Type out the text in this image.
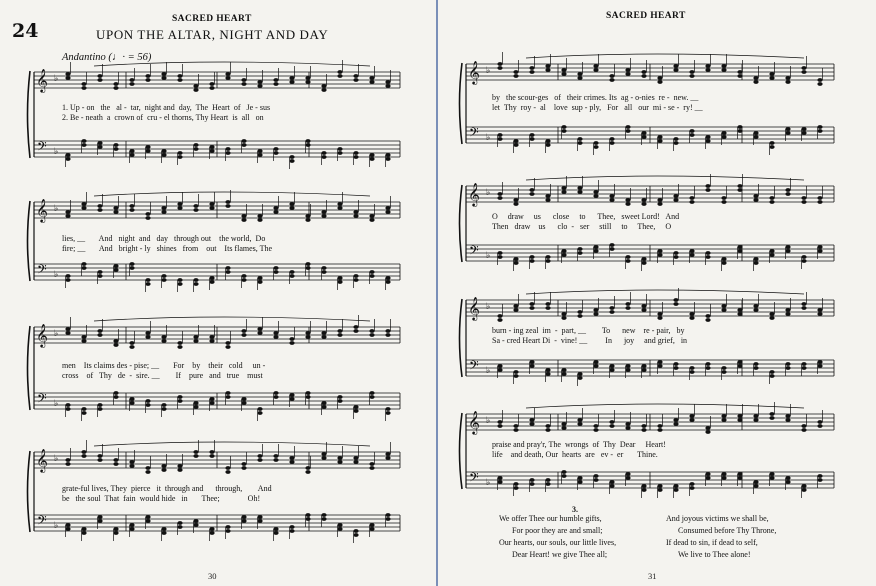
24
SACRED HEART
UPON THE ALTAR, NIGHT AND DAY
Andantino (♩· = 56)
𝄞
𝄢
♭
♭
𝄞
𝄢
♭
♭
𝄞
𝄢
♭
♭
𝄞
𝄢
♭
♭
1. Up - on   the   al -  tar,  night and  day,  The  Heart  of   Je - sus
2. Be - neath  a  crown of  cru - el thorns, Thy Heart  is  all   on
lies, __       And   night  and   day   through out    the world,  Do
fire; __       And   bright - ly   shines   from    out    Its flames, The
men    Its claims des - pise; __       For    by    their   cold     un -
cross    of   Thy   de  -  sire. __        If    pure   and   true    must
grate-ful lives, They  pierce   it  through and      through,        And
be   the soul  That  fain  would hide   in       Thee;              Oh!
30
SACRED HEART
𝄞
𝄢
♭
♭
𝄞
𝄢
♭
♭
𝄞
𝄢
♭
♭
𝄞
𝄢
♭
♭
by   the scour-ges   of   their crimes. Its  ag - o-nies  re -  new. __
let  Thy  roy -  al    love  sup - ply,   For   all   our  mi - se -  ry! __
O     draw     us      close     to      Thee,   sweet Lord!   And
Then   draw    us      clo  -   ser     still     to     Thee,     O
burn - ing zeal  im  -  part, __        To      new    re - pair,   by
Sa - cred Heart Di  -  vine! __         In      joy     and grief,   in
praise and pray'r, The  wrongs  of  Thy  Dear     Heart!
life    and death, Our  hearts  are   ev -  er       Thine.
31
3.
We offer Thee our humble gifts,
For poor they are and small;
Our hearts, our souls, our little lives,
Dear Heart! we give Thee all;
And joyous victims we shall be,
Consumed before Thy Throne,
If dead to sin, if dead to self,
We live to Thee alone!
